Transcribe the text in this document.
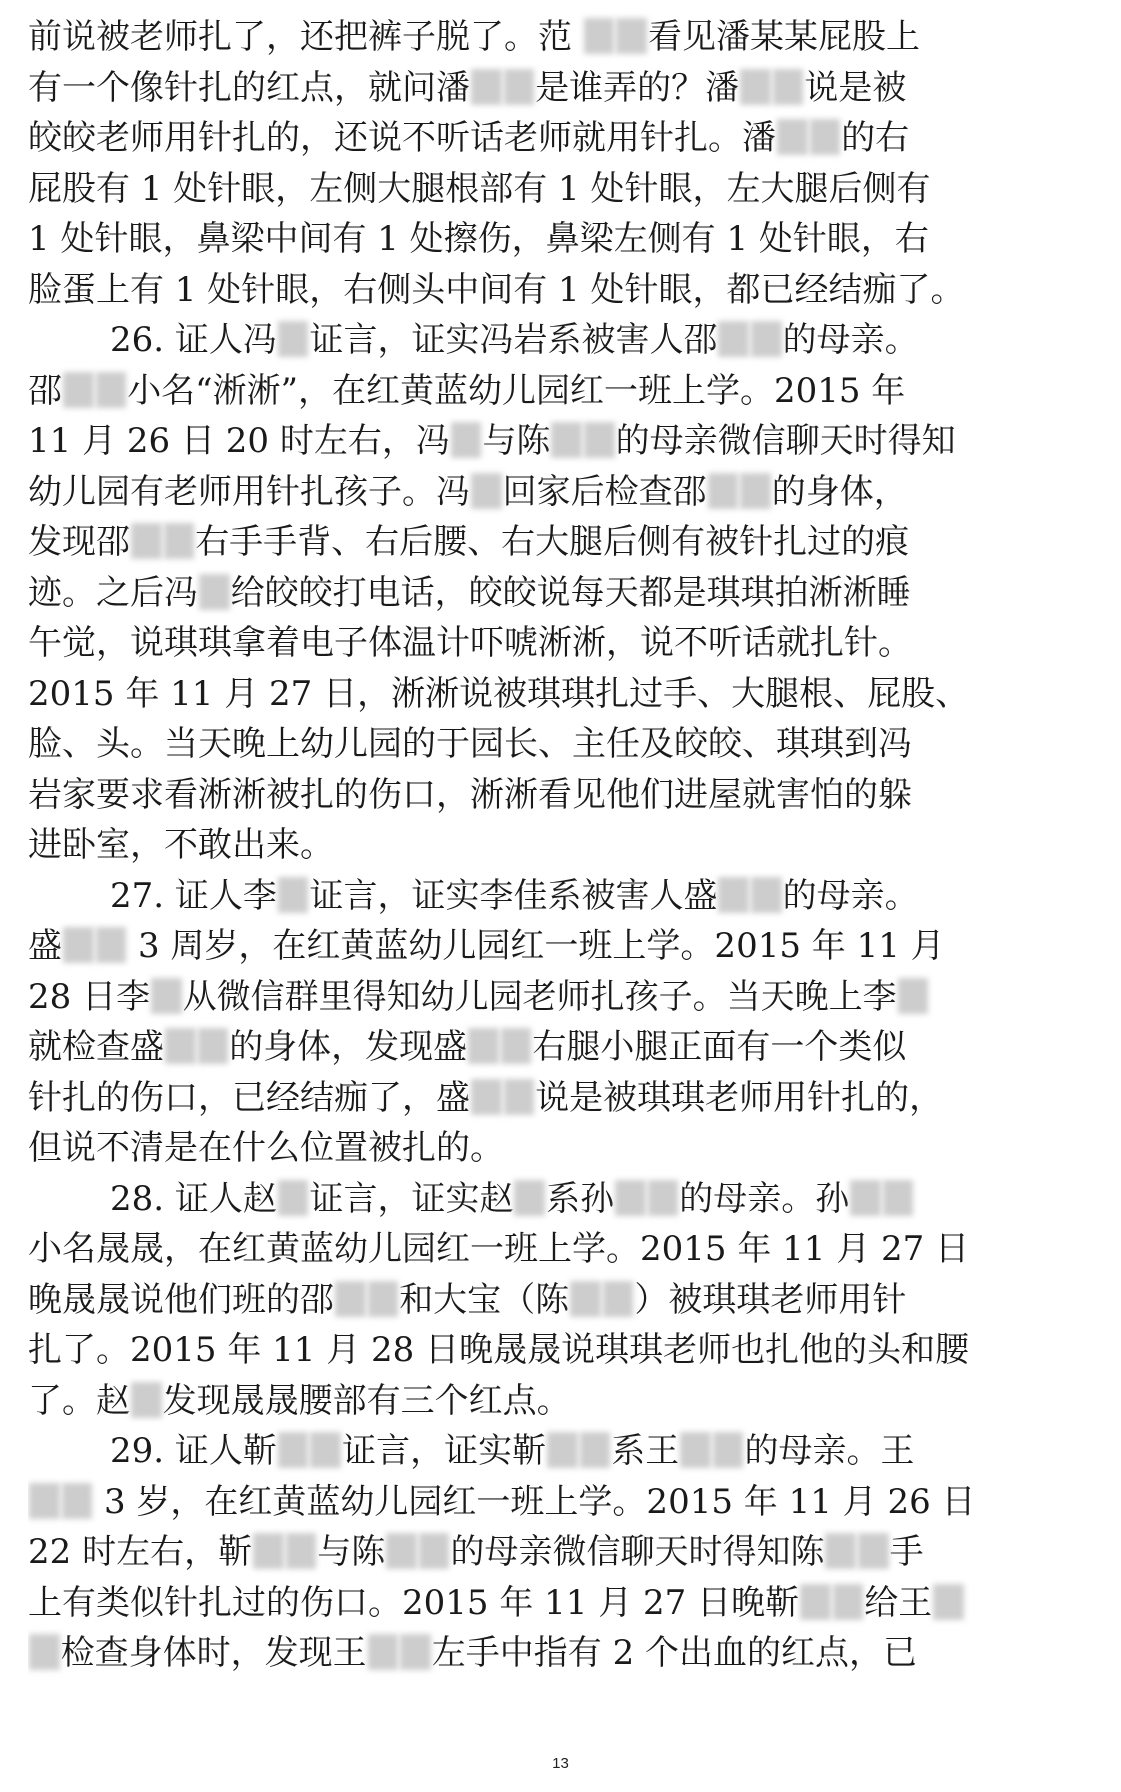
前说被老师扎了，还把裤子脱了。范 看见潘某某屁股上
有一个像针扎的红点，就问潘 是谁弄的？潘 说是被
皎皎老师用针扎的，还说不听话老师就用针扎。潘 的右
屁股有 1 处针眼，左侧大腿根部有 1 处针眼，左大腿后侧有
1 处针眼，鼻梁中间有 1 处擦伤，鼻梁左侧有 1 处针眼，右
脸蛋上有 1 处针眼，右侧头中间有 1 处针眼，都已经结痂了。
26. 证人冯 证言，证实冯岩系被害人邵 的母亲。
邵 小名“淅淅”，在红黄蓝幼儿园红一班上学。2015 年
11 月 26 日 20 时左右，冯 与陈 的母亲微信聊天时得知
幼儿园有老师用针扎孩子。冯 回家后检查邵 的身体，
发现邵 右手手背、右后腰、右大腿后侧有被针扎过的痕
迹。之后冯 给皎皎打电话，皎皎说每天都是琪琪拍淅淅睡
午觉，说琪琪拿着电子体温计吓唬淅淅，说不听话就扎针。
2015 年 11 月 27 日，淅淅说被琪琪扎过手、大腿根、屁股、
脸、头。当天晚上幼儿园的于园长、主任及皎皎、琪琪到冯
岩家要求看淅淅被扎的伤口，淅淅看见他们进屋就害怕的躲
进卧室，不敢出来。
27. 证人李 证言，证实李佳系被害人盛 的母亲。
盛 3 周岁，在红黄蓝幼儿园红一班上学。2015 年 11 月
28 日李 从微信群里得知幼儿园老师扎孩子。当天晚上李
就检查盛 的身体，发现盛 右腿小腿正面有一个类似
针扎的伤口，已经结痂了，盛 说是被琪琪老师用针扎的，
但说不清是在什么位置被扎的。
28. 证人赵 证言，证实赵 系孙 的母亲。孙
小名晟晟，在红黄蓝幼儿园红一班上学。2015 年 11 月 27 日
晚晟晟说他们班的邵 和大宝（陈 ）被琪琪老师用针
扎了。2015 年 11 月 28 日晚晟晟说琪琪老师也扎他的头和腰
了。赵 发现晟晟腰部有三个红点。
29. 证人靳 证言，证实靳 系王 的母亲。王
3 岁，在红黄蓝幼儿园红一班上学。2015 年 11 月 26 日
22 时左右，靳 与陈 的母亲微信聊天时得知陈 手
上有类似针扎过的伤口。2015 年 11 月 27 日晚靳 给王
检查身体时，发现王 左手中指有 2 个出血的红点，已
13
